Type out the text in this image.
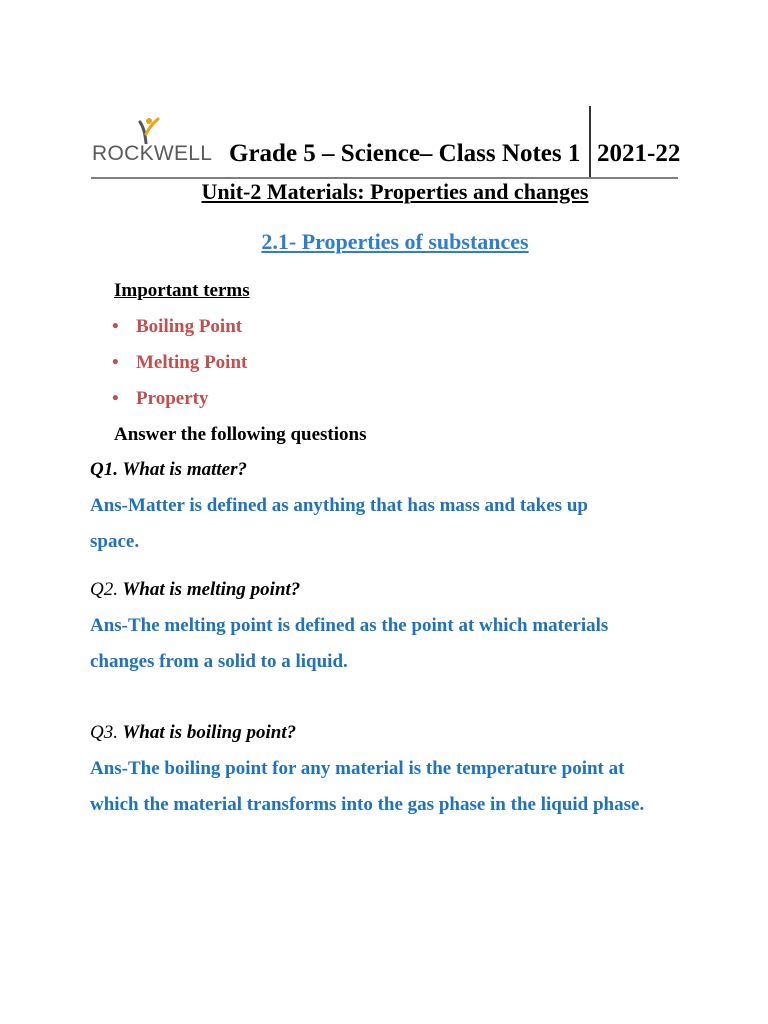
ROCKWELL Grade 5 – Science– Class Notes 1 2021-22
Unit-2 Materials: Properties and changes
2.1- Properties of substances
Important terms
• Boiling Point
• Melting Point
• Property
Answer the following questions
Q1. What is matter?
Ans-Matter is defined as anything that has mass and takes up
space.
Q2. What is melting point?
Ans-The melting point is defined as the point at which materials
changes from a solid to a liquid.
Q3. What is boiling point?
Ans-The boiling point for any material is the temperature point at
which the material transforms into the gas phase in the liquid phase.
